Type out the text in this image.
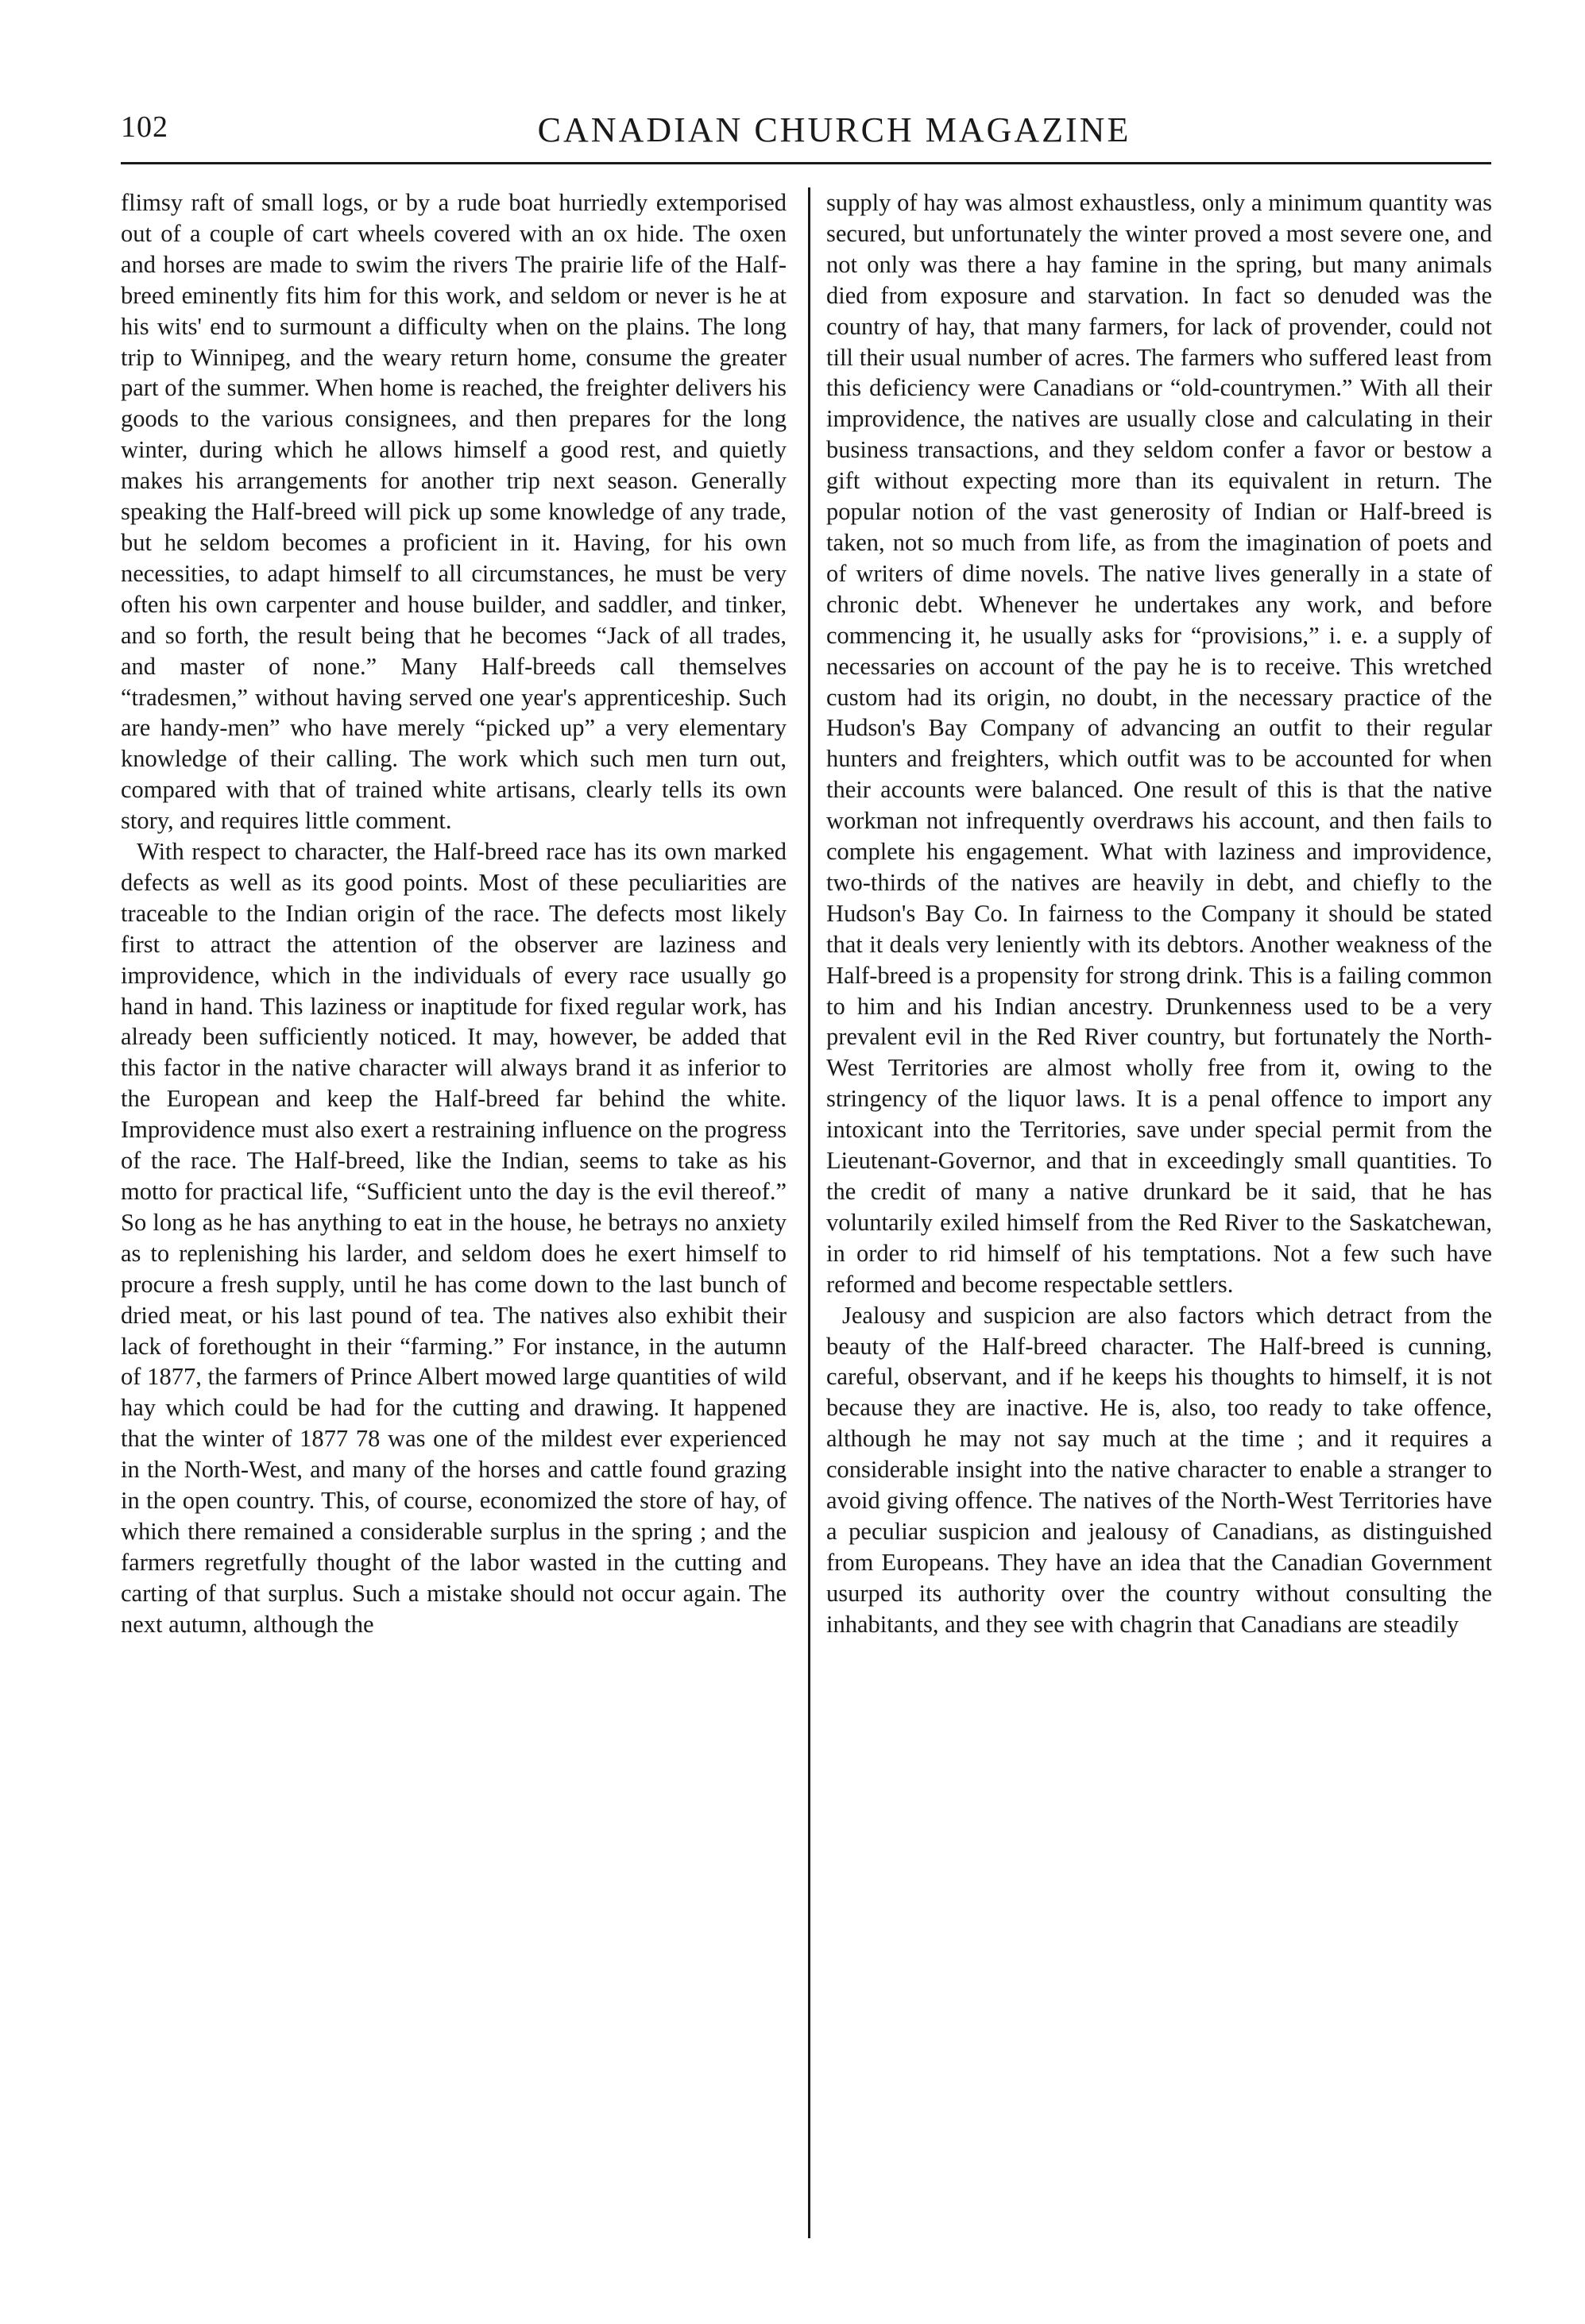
102	CANADIAN CHURCH MAGAZINE

flimsy raft of small logs, or by a rude boat hurriedly extemporised out of a couple of cart wheels covered with an ox hide. The oxen and horses are made to swim the rivers The prairie life of the Half-breed eminently fits him for this work, and seldom or never is he at his wits' end to surmount a difficulty when on the plains. The long trip to Winnipeg, and the weary return home, consume the greater part of the summer. When home is reached, the freighter delivers his goods to the various consignees, and then prepares for the long winter, during which he allows himself a good rest, and quietly makes his arrangements for another trip next season. Generally speaking the Half-breed will pick up some knowledge of any trade, but he seldom becomes a proficient in it. Having, for his own necessities, to adapt himself to all circumstances, he must be very often his own carpenter and house builder, and saddler, and tinker, and so forth, the result being that he becomes “Jack of all trades, and master of none.” Many Half-breeds call themselves “tradesmen,” without having served one year's apprenticeship. Such are handy-men” who have merely “picked up” a very elementary knowledge of their calling. The work which such men turn out, compared with that of trained white artisans, clearly tells its own story, and requires little comment.

With respect to character, the Half-breed race has its own marked defects as well as its good points. Most of these peculiarities are traceable to the Indian origin of the race. The defects most likely first to attract the attention of the observer are laziness and improvidence, which in the individuals of every race usually go hand in hand. This laziness or inaptitude for fixed regular work, has already been sufficiently noticed. It may, however, be added that this factor in the native character will always brand it as inferior to the European and keep the Half-breed far behind the white. Improvidence must also exert a restraining influence on the progress of the race. The Half-breed, like the Indian, seems to take as his motto for practical life, “Sufficient unto the day is the evil thereof.” So long as he has anything to eat in the house, he betrays no anxiety as to replenishing his larder, and seldom does he exert himself to procure a fresh supply, until he has come down to the last bunch of dried meat, or his last pound of tea. The natives also exhibit their lack of forethought in their “farming.” For instance, in the autumn of 1877, the farmers of Prince Albert mowed large quantities of wild hay which could be had for the cutting and drawing. It happened that the winter of 1877 78 was one of the mildest ever experienced in the North-West, and many of the horses and cattle found grazing in the open country. This, of course, economized the store of hay, of which there remained a considerable surplus in the spring ; and the farmers regretfully thought of the labor wasted in the cutting and carting of that surplus. Such a mistake should not occur again. The next autumn, although the

supply of hay was almost exhaustless, only a minimum quantity was secured, but unfortunately the winter proved a most severe one, and not only was there a hay famine in the spring, but many animals died from exposure and starvation. In fact so denuded was the country of hay, that many farmers, for lack of provender, could not till their usual number of acres. The farmers who suffered least from this deficiency were Canadians or “old-countrymen.” With all their improvidence, the natives are usually close and calculating in their business transactions, and they seldom confer a favor or bestow a gift without expecting more than its equivalent in return. The popular notion of the vast generosity of Indian or Half-breed is taken, not so much from life, as from the imagination of poets and of writers of dime novels. The native lives generally in a state of chronic debt. Whenever he undertakes any work, and before commencing it, he usually asks for “provisions,” i. e. a supply of necessaries on account of the pay he is to receive. This wretched custom had its origin, no doubt, in the necessary practice of the Hudson's Bay Company of advancing an outfit to their regular hunters and freighters, which outfit was to be accounted for when their accounts were balanced. One result of this is that the native workman not infrequently overdraws his account, and then fails to complete his engagement. What with laziness and improvidence, two-thirds of the natives are heavily in debt, and chiefly to the Hudson's Bay Co. In fairness to the Company it should be stated that it deals very leniently with its debtors. Another weakness of the Half-breed is a propensity for strong drink. This is a failing common to him and his Indian ancestry. Drunkenness used to be a very prevalent evil in the Red River country, but fortunately the North-West Territories are almost wholly free from it, owing to the stringency of the liquor laws. It is a penal offence to import any intoxicant into the Territories, save under special permit from the Lieutenant-Governor, and that in exceedingly small quantities. To the credit of many a native drunkard be it said, that he has voluntarily exiled himself from the Red River to the Saskatchewan, in order to rid himself of his temptations. Not a few such have reformed and become respectable settlers.

Jealousy and suspicion are also factors which detract from the beauty of the Half-breed character. The Half-breed is cunning, careful, observant, and if he keeps his thoughts to himself, it is not because they are inactive. He is, also, too ready to take offence, although he may not say much at the time ; and it requires a considerable insight into the native character to enable a stranger to avoid giving offence. The natives of the North-West Territories have a peculiar suspicion and jealousy of Canadians, as distinguished from Europeans. They have an idea that the Canadian Government usurped its authority over the country without consulting the inhabitants, and they see with chagrin that Canadians are steadily
